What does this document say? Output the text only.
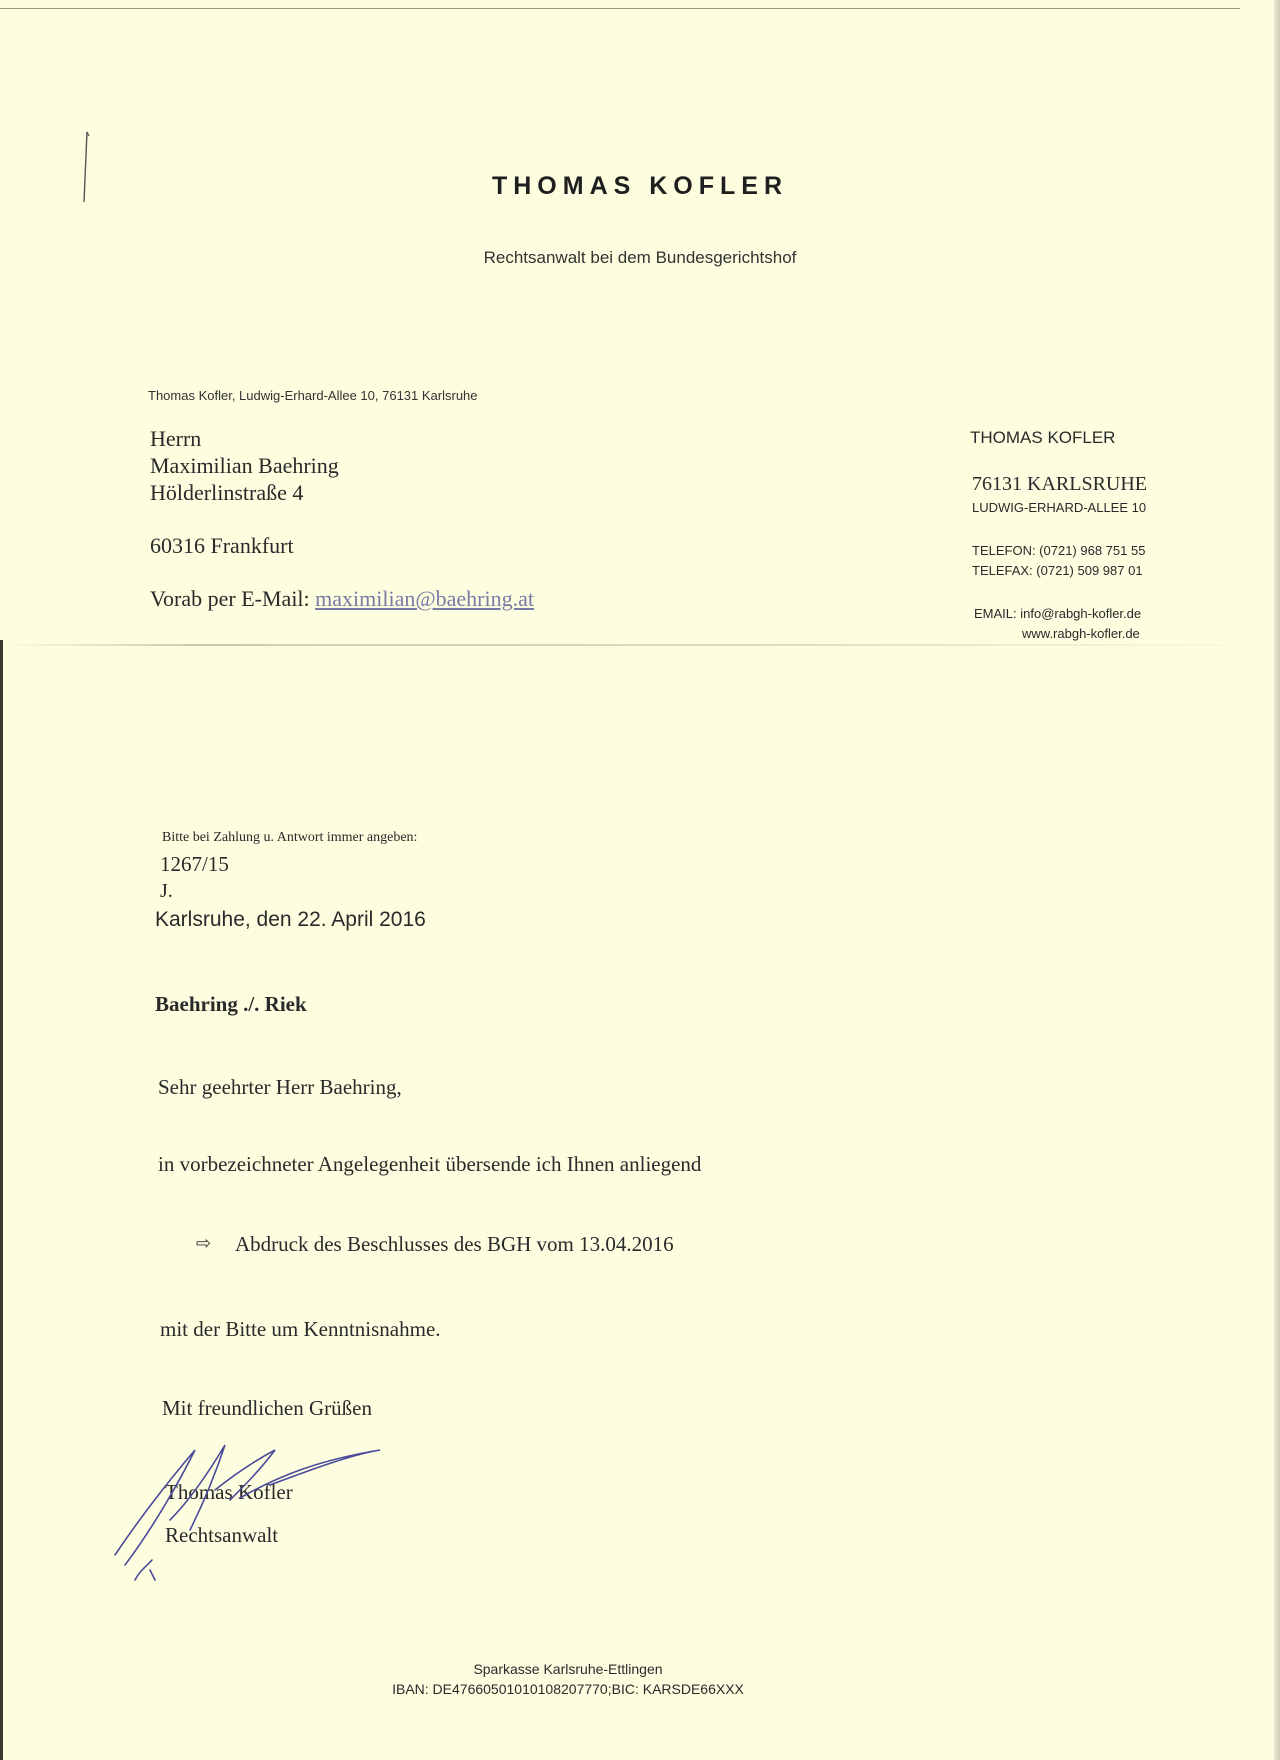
THOMAS KOFLER
Rechtsanwalt bei dem Bundesgerichtshof
Thomas Kofler, Ludwig-Erhard-Allee 10, 76131 Karlsruhe
Herrn
Maximilian Baehring
Hölderlinstraße 4
60316 Frankfurt
Vorab per E-Mail: maximilian@baehring.at
THOMAS KOFLER
76131 KARLSRUHE
LUDWIG-ERHARD-ALLEE 10
TELEFON: (0721) 968 751 55
TELEFAX: (0721) 509 987 01
EMAIL: info@rabgh-kofler.de
www.rabgh-kofler.de
Bitte bei Zahlung u. Antwort immer angeben:
1267/15
J.
Karlsruhe, den 22. April 2016
Baehring ./. Riek
Sehr geehrter Herr Baehring,
in vorbezeichneter Angelegenheit übersende ich Ihnen anliegend
⇨ Abdruck des Beschlusses des BGH vom 13.04.2016
mit der Bitte um Kenntnisnahme.
Mit freundlichen Grüßen
Thomas Kofler
Rechtsanwalt
Sparkasse Karlsruhe-Ettlingen
IBAN: DE47660501010108207770;BIC: KARSDE66XXX
